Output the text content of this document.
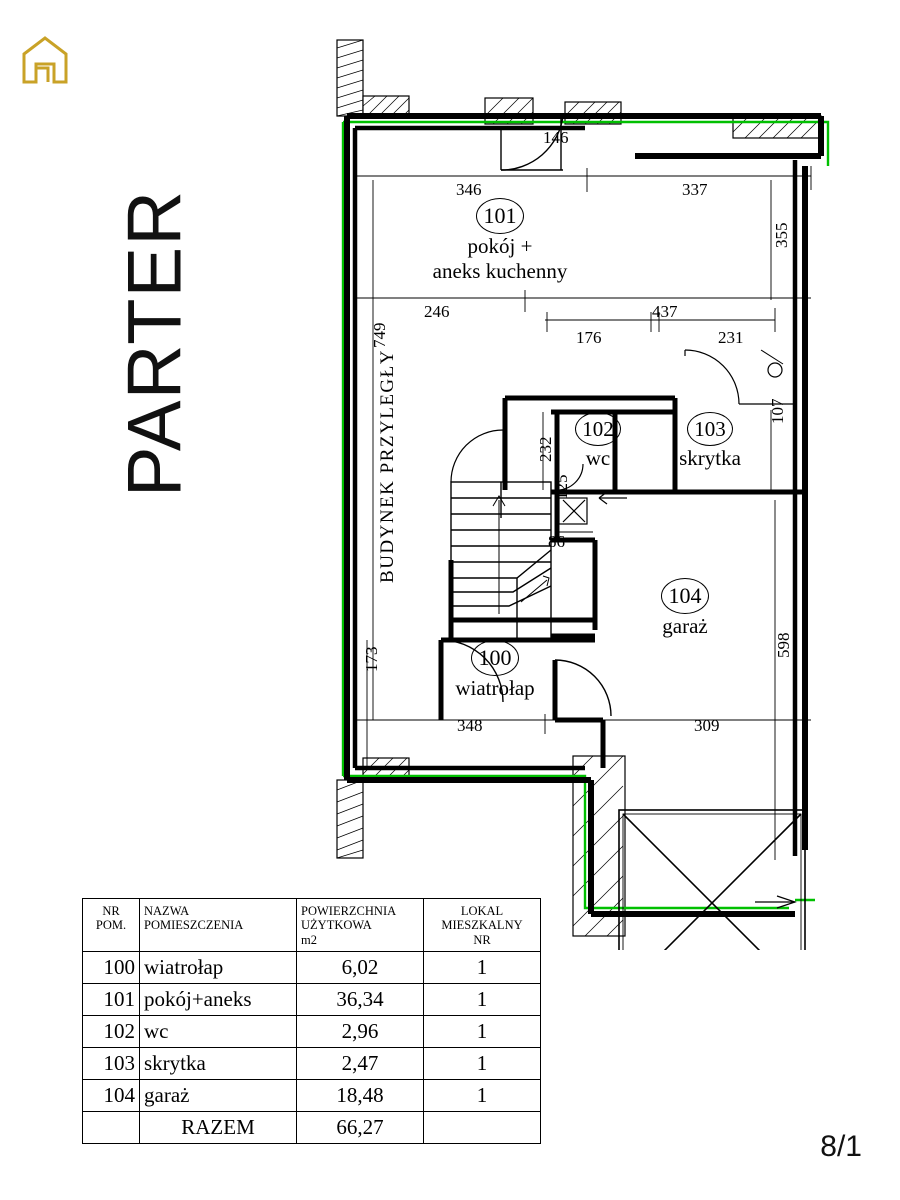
PARTER	BUDYNEK PRZYLEGŁY
101
pokój +
aneks kuchenny
102
wc
103
skrytka
104
garaż
100
wiatrołap
146
346	337
355
246	437
176	231
749
232
125
86
107
598
173
348	309
NR
POM.

NAZWA
POMIESZCZENIA

POWIERZCHNIA
UŻYTKOWA
m2

LOKAL
MIESZKALNY
NR

100	wiatrołap	6,02	1
101	pokój+aneks	36,34	1
102	wc	2,96	1
103	skrytka	2,47	1
104	garaż	18,48	1
	RAZEM	66,27	
8/1
